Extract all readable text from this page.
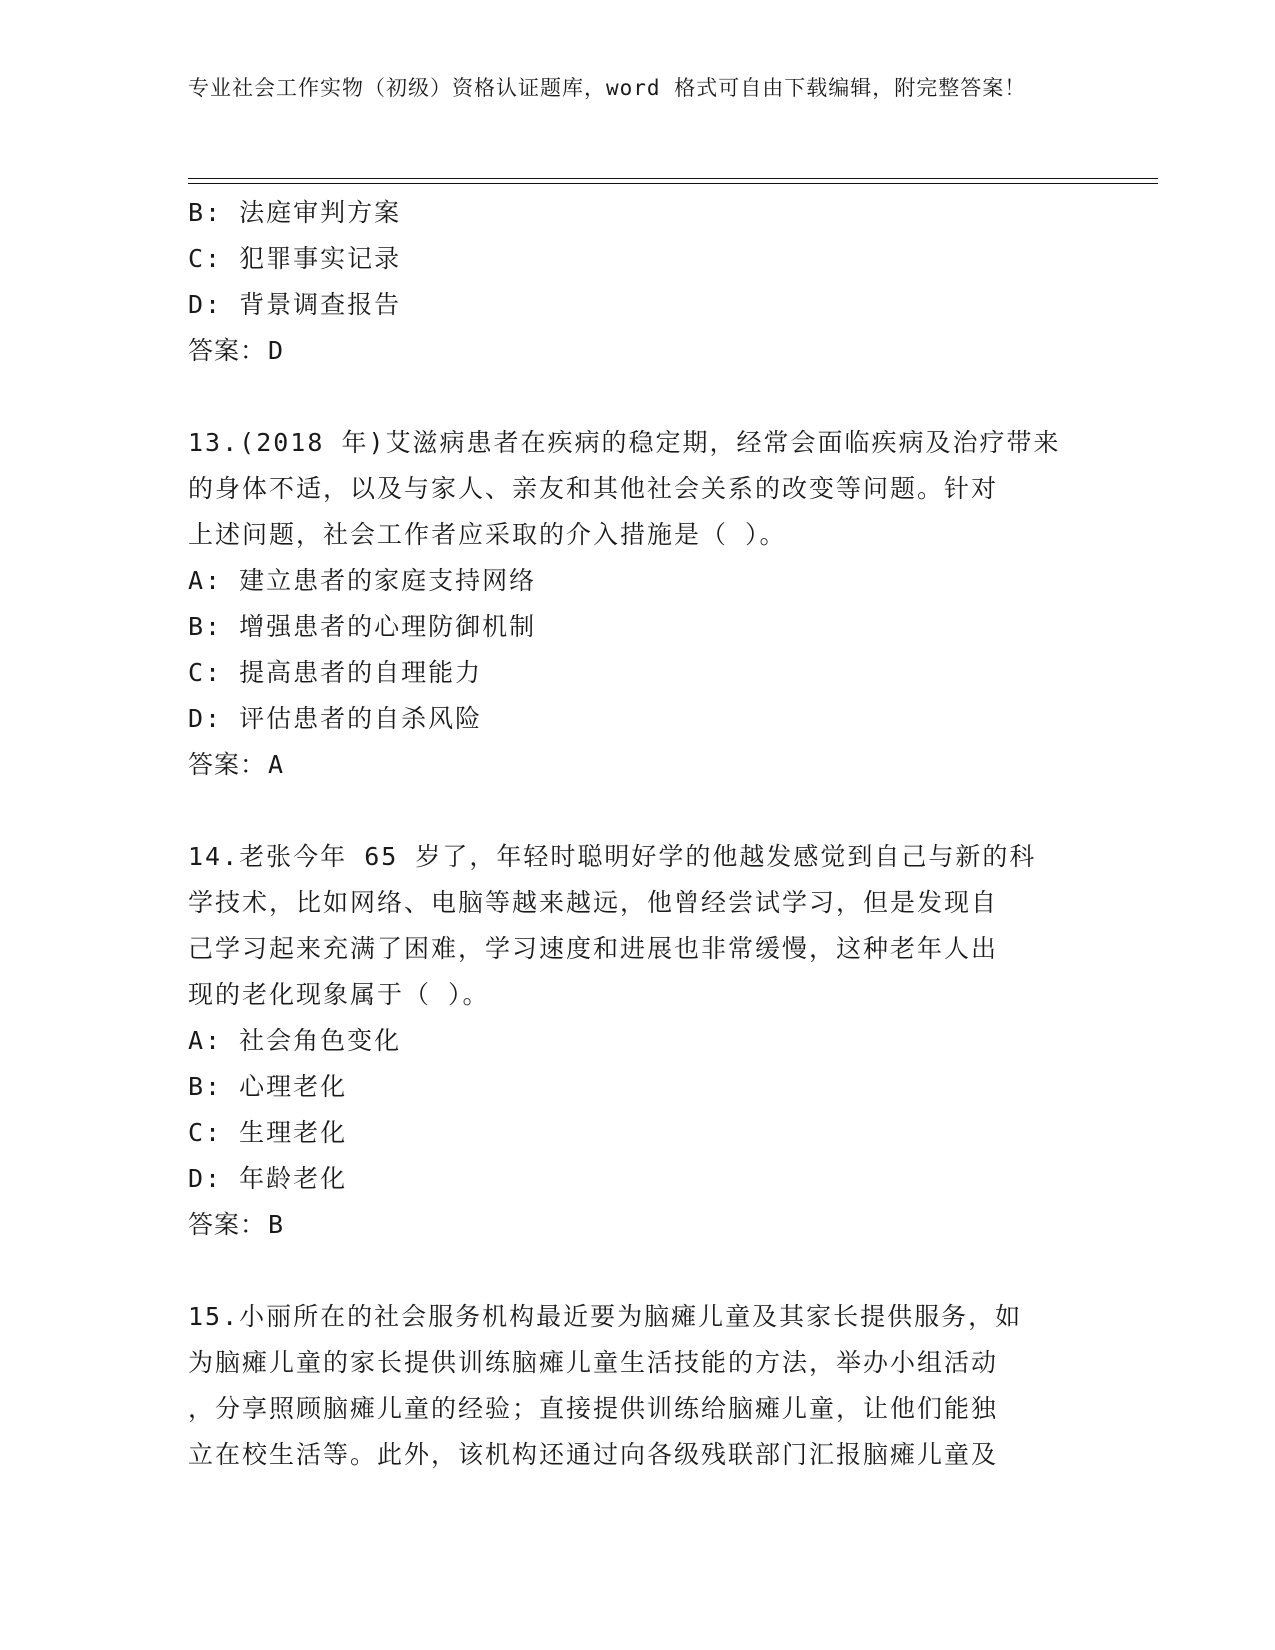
专业社会工作实物（初级）资格认证题库，word 格式可自由下载编辑，附完整答案！
B: 法庭审判方案
C: 犯罪事实记录
D: 背景调查报告
答案：D
13.(2018 年)艾滋病患者在疾病的稳定期，经常会面临疾病及治疗带来
的身体不适，以及与家人、亲友和其他社会关系的改变等问题。针对
上述问题，社会工作者应采取的介入措施是（ ）。
A: 建立患者的家庭支持网络
B: 增强患者的心理防御机制
C: 提高患者的自理能力
D: 评估患者的自杀风险
答案：A
14.老张今年 65 岁了，年轻时聪明好学的他越发感觉到自己与新的科
学技术，比如网络、电脑等越来越远，他曾经尝试学习，但是发现自
己学习起来充满了困难，学习速度和进展也非常缓慢，这种老年人出
现的老化现象属于（ ）。
A: 社会角色变化
B: 心理老化
C: 生理老化
D: 年龄老化
答案：B
15.小丽所在的社会服务机构最近要为脑瘫儿童及其家长提供服务，如
为脑瘫儿童的家长提供训练脑瘫儿童生活技能的方法，举办小组活动
，分享照顾脑瘫儿童的经验；直接提供训练给脑瘫儿童，让他们能独
立在校生活等。此外，该机构还通过向各级残联部门汇报脑瘫儿童及
